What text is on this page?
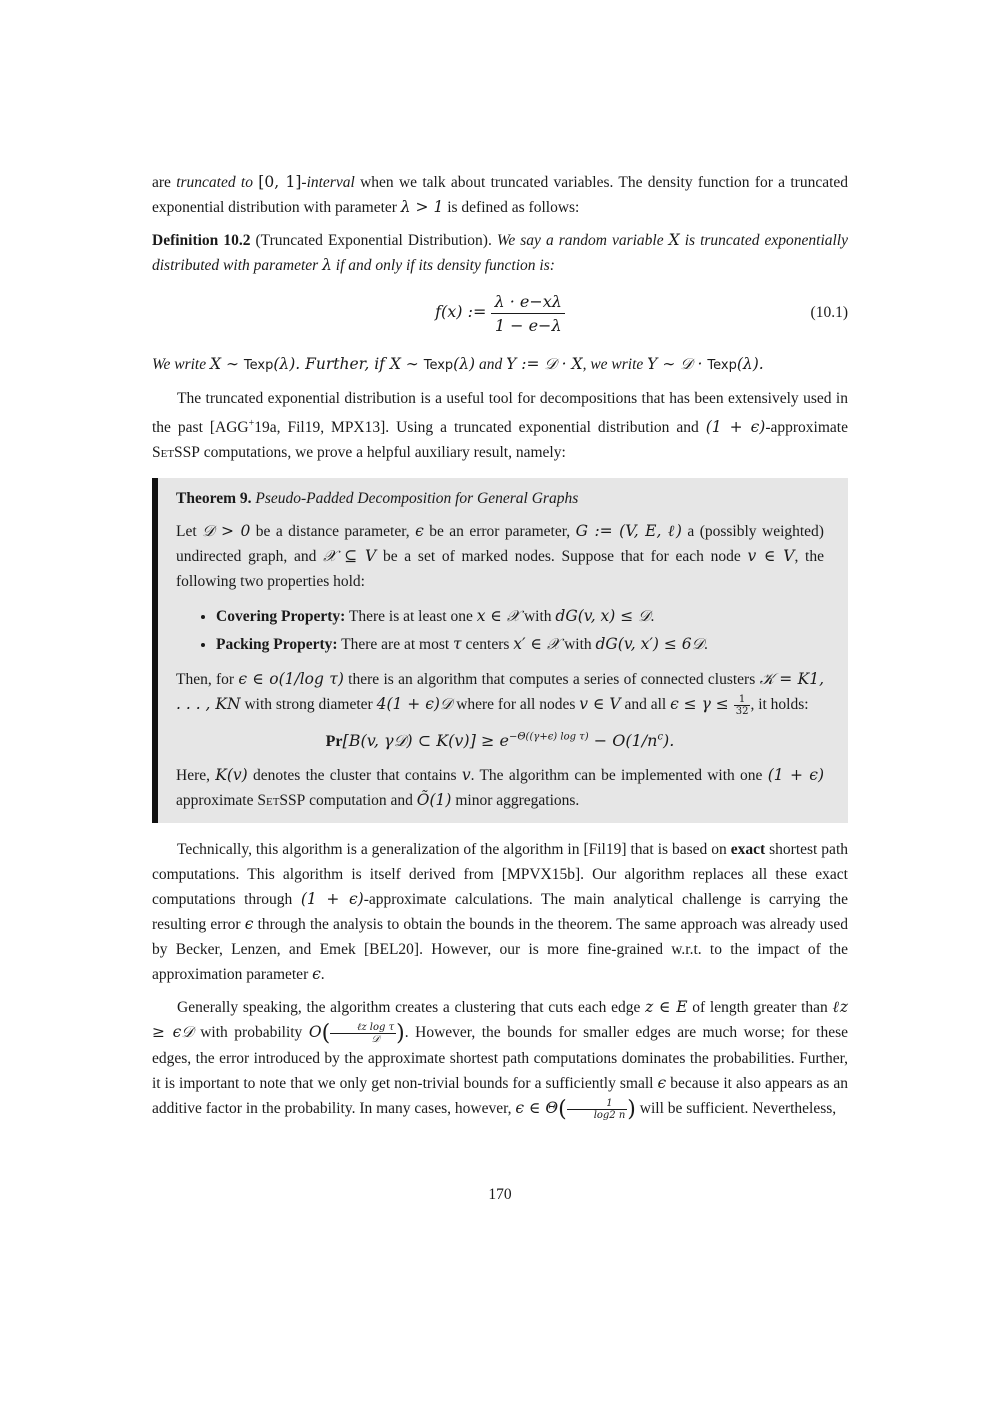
are truncated to [0, 1]-interval when we talk about truncated variables. The density function for a truncated exponential distribution with parameter λ > 1 is defined as follows:

Definition 10.2 (Truncated Exponential Distribution). We say a random variable X is truncated exponentially distributed with parameter λ if and only if its density function is:

f(x) := $\frac{\lambda \cdot e-x\lambda}{1 - e-\lambda}$	(10.1)

We write X ∼ Texp(λ). Further, if X ∼ Texp(λ) and Y := 𝒟 · X, we write Y ∼ 𝒟 · Texp(λ).

The truncated exponential distribution is a useful tool for decompositions that has been extensively used in the past [AGG+19a, Fil19, MPX13]. Using a truncated exponential distribution and (1 + ϵ)-approximate SetSSP computations, we prove a helpful auxiliary result, namely:

Theorem 9. Pseudo-Padded Decomposition for General Graphs

Let 𝒟 > 0 be a distance parameter, ϵ be an error parameter, G := (V, E, ℓ) a (possibly weighted) undirected graph, and 𝒳 ⊆ V be a set of marked nodes. Suppose that for each node v ∈ V, the following two properties hold:

• Covering Property: There is at least one x ∈ 𝒳 with dG(v, x) ≤ 𝒟.
• Packing Property: There are at most τ centers x′ ∈ 𝒳 with dG(v, x′) ≤ 6𝒟.

Then, for ϵ ∈ o(1/log τ) there is an algorithm that computes a series of connected clusters 𝒦 = K1, . . . , KN with strong diameter 4(1 + ϵ)𝒟 where for all nodes v ∈ V and all $\epsilon \le \gamma \le \frac{1}{32}$ , it holds:

Pr[B(v, γ𝒟) ⊂ $K(v)] \ge e^{-\Theta((\gamma+\epsilon) log \tau)} - O(1/n^c)$.

Here, K(v) denotes the cluster that contains v. The algorithm can be implemented with one (1 + ϵ) approximate SetSSP computation and Õ(1) minor aggregations.

Technically, this algorithm is a generalization of the algorithm in [Fil19] that is based on exact shortest path computations. This algorithm is itself derived from [MPVX15b]. Our algorithm replaces all these exact computations through (1 + ϵ)-approximate calculations. The main analytical challenge is carrying the resulting error ϵ through the analysis to obtain the bounds in the theorem. The same approach was already used by Becker, Lenzen, and Emek [BEL20]. However, our is more fine-grained w.r.t. to the impact of the approximation parameter ϵ.

Generally speaking, the algorithm creates a clustering that cuts each edge z ∈ E of length greater than ℓz ≥ ϵ𝒟 with probability $O( \frac{\text{ℓz log τ}}{\text{𝒟}}$ ). However, the bounds for smaller edges are much worse; for these edges, the error introduced by the approximate shortest path computations dominates the probabilities. Further, it is important to note that we only get non-trivial bounds for a sufficiently small ϵ because it also appears as an additive factor in the probability. In many cases, however, ϵ ∈ $\Theta( \frac{1}{\log 2 n}$ ) will be sufficient. Nevertheless,

170
